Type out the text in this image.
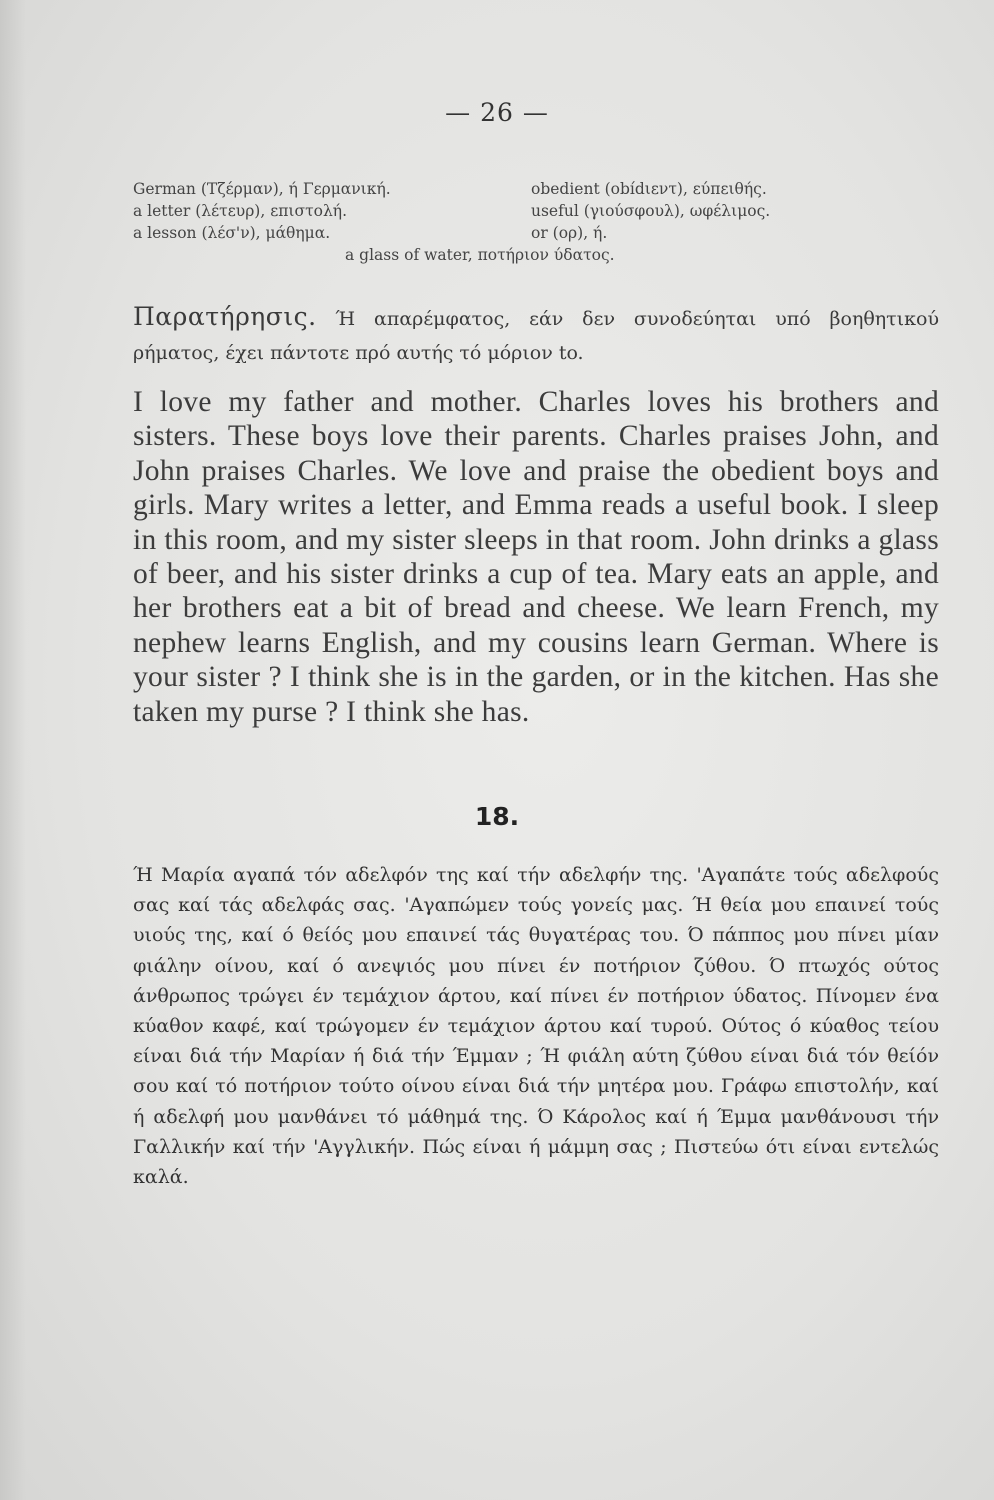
— 26 —
German (Τζέρμαν), ή Γερμανική.	obedient (obídιεντ), εύπειθής.
a letter (λέτευρ), επιστολή.	useful (γιούσφουλ), ωφέλιμος.
a lesson (λέσ'ν), μάθημα.	or (ορ), ή.
a glass of water, ποτήριον ύδατος.
Παρατήρησις. Ή απαρέμφατος, εάν δεν συνοδεύηται υπό βοηθητικού ρήματος, έχει πάντοτε πρό αυτής τό μόριον to.
I love my father and mother. Charles loves his brothers and sisters. These boys love their parents. Charles praises John, and John praises Charles. We love and praise the obedient boys and girls. Mary writes a letter, and Emma reads a useful book. I sleep in this room, and my sister sleeps in that room. John drinks a glass of beer, and his sister drinks a cup of tea. Mary eats an apple, and her brothers eat a bit of bread and cheese. We learn French, my nephew learns English, and my cousins learn German. Where is your sister ? I think she is in the garden, or in the kitchen. Has she taken my purse ? I think she has.
18.
Ή Μαρία αγαπά τόν αδελφόν της καί τήν αδελφήν της. 'Αγαπάτε τούς αδελφούς σας καί τάς αδελφάς σας. 'Αγαπώμεν τούς γονείς μας. Ή θεία μου επαινεί τούς υιούς της, καί ό θείός μου επαινεί τάς θυγατέρας του. Ό πάππος μου πίνει μίαν φιάλην οίνου, καί ό ανεψιός μου πίνει έν ποτήριον ζύθου. Ό πτωχός ούτος άνθρωπος τρώγει έν τεμάχιον άρτου, καί πίνει έν ποτήριον ύδατος. Πίνομεν ένα κύαθον καφέ, καί τρώγομεν έν τεμάχιον άρτου καί τυρού. Ούτος ό κύαθος τείου είναι διά τήν Μαρίαν ή διά τήν Έμμαν ; Ή φιάλη αύτη ζύθου είναι διά τόν θείόν σου καί τό ποτήριον τούτο οίνου είναι διά τήν μητέρα μου. Γράφω επιστολήν, καί ή αδελφή μου μανθάνει τό μάθημά της. Ό Κάρολος καί ή Έμμα μανθάνουσι τήν Γαλλικήν καί τήν 'Αγγλικήν. Πώς είναι ή μάμμη σας ; Πιστεύω ότι είναι εντελώς καλά.
